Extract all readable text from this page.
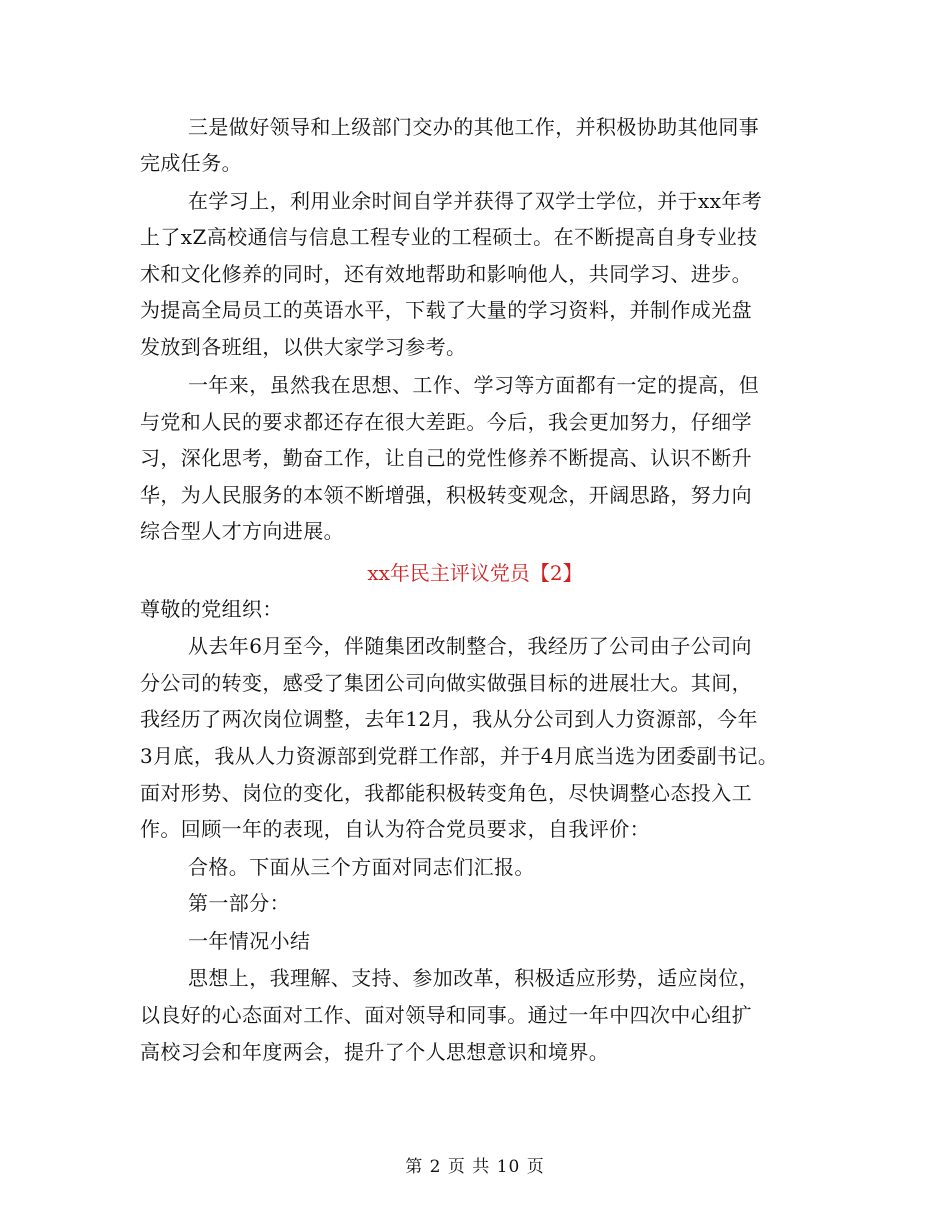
三是做好领导和上级部门交办的其他工作，并积极协助其他同事
完成任务。
在学习上，利用业余时间自学并获得了双学士学位，并于xx年考
上了xZ高校通信与信息工程专业的工程硕士。在不断提高自身专业技
术和文化修养的同时，还有效地帮助和影响他人，共同学习、进步。
为提高全局员工的英语水平，下载了大量的学习资料，并制作成光盘
发放到各班组，以供大家学习参考。
一年来，虽然我在思想、工作、学习等方面都有一定的提高，但
与党和人民的要求都还存在很大差距。今后，我会更加努力，仔细学
习，深化思考，勤奋工作，让自己的党性修养不断提高、认识不断升
华，为人民服务的本领不断增强，积极转变观念，开阔思路，努力向
综合型人才方向进展。
xx年民主评议党员【2】
尊敬的党组织：
从去年6月至今，伴随集团改制整合，我经历了公司由子公司向
分公司的转变，感受了集团公司向做实做强目标的进展壮大。其间，
我经历了两次岗位调整，去年12月，我从分公司到人力资源部，今年
3月底，我从人力资源部到党群工作部，并于4月底当选为团委副书记。
面对形势、岗位的变化，我都能积极转变角色，尽快调整心态投入工
作。回顾一年的表现，自认为符合党员要求，自我评价：
合格。下面从三个方面对同志们汇报。
第一部分：
一年情况小结
思想上，我理解、支持、参加改革，积极适应形势，适应岗位，
以良好的心态面对工作、面对领导和同事。通过一年中四次中心组扩
高校习会和年度两会，提升了个人思想意识和境界。
第 2 页 共 10 页
